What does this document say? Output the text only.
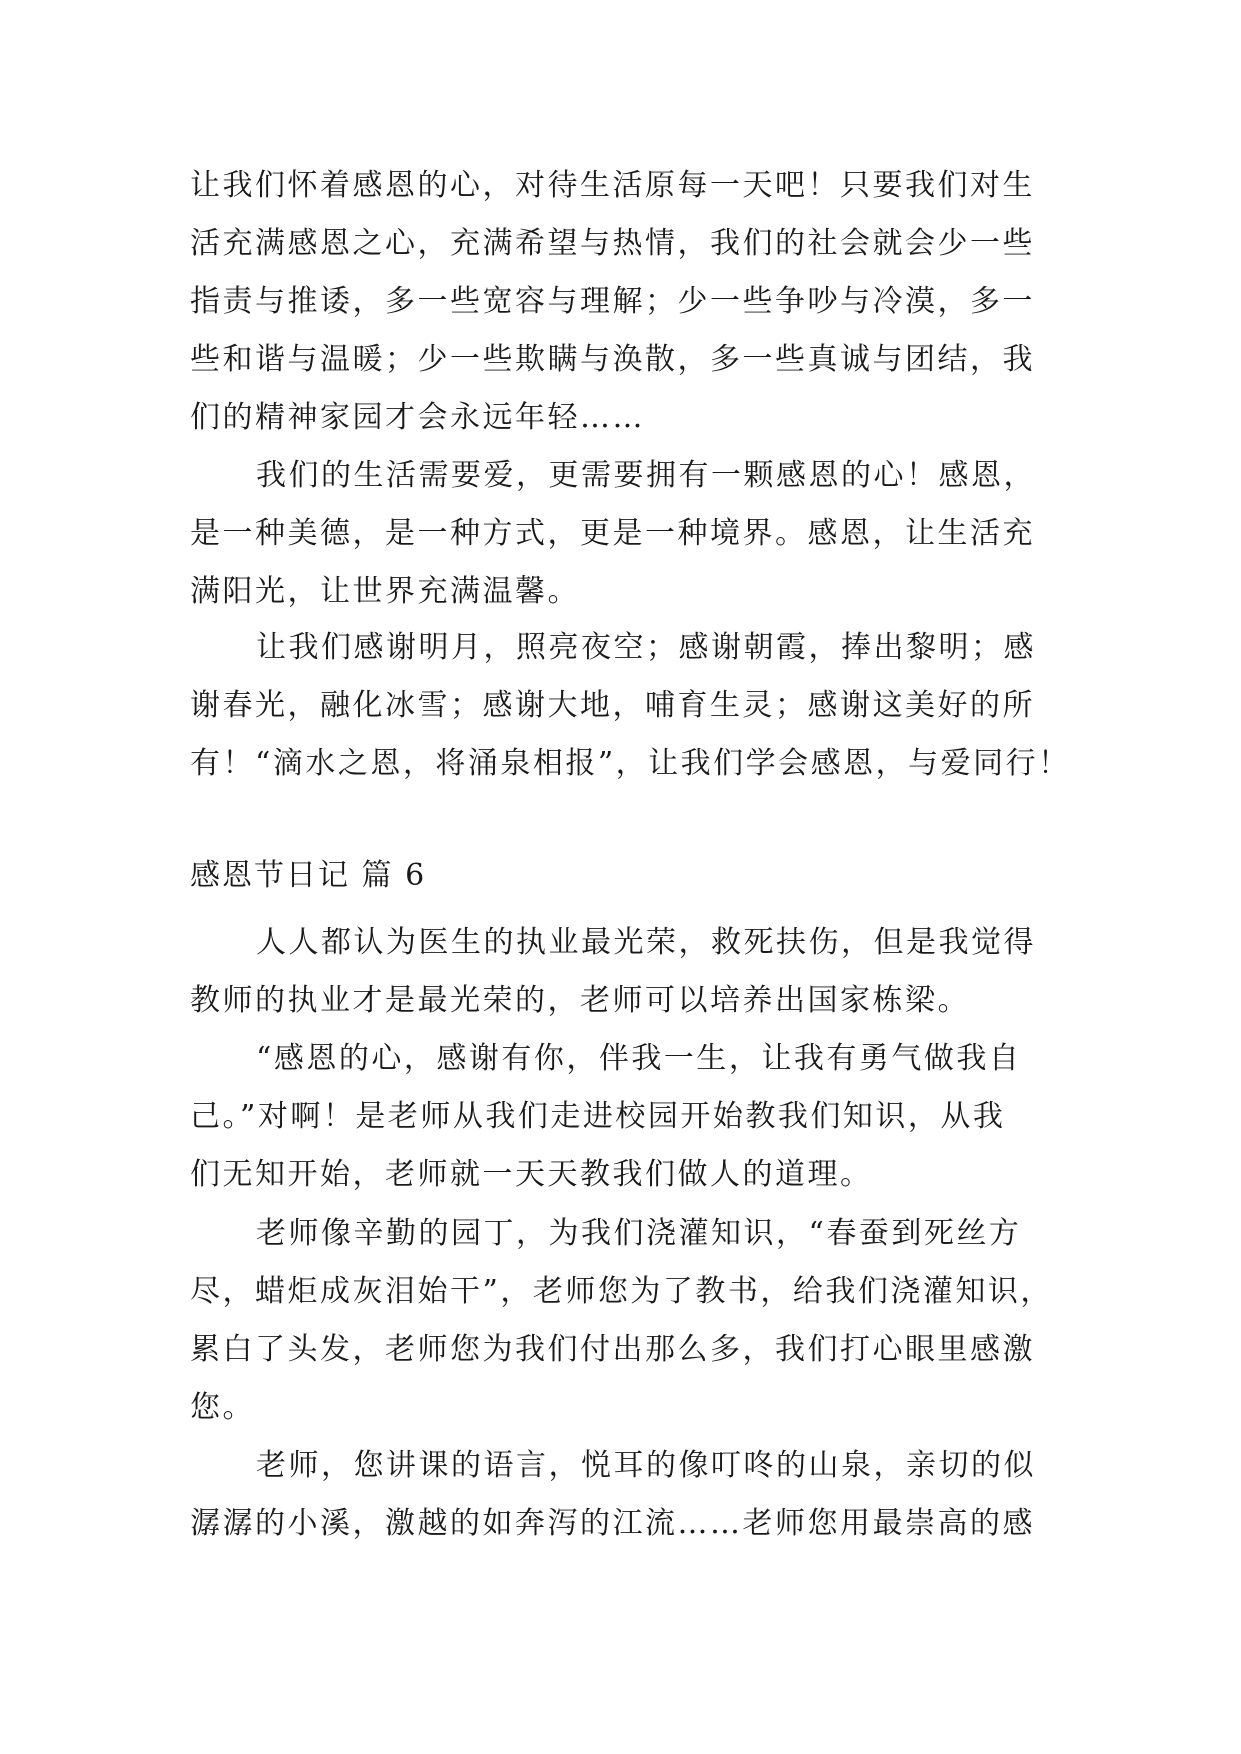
让我们怀着感恩的心，对待生活原每一天吧！只要我们对生
活充满感恩之心，充满希望与热情，我们的社会就会少一些
指责与推诿，多一些宽容与理解；少一些争吵与冷漠，多一
些和谐与温暖；少一些欺瞒与涣散，多一些真诚与团结，我
们的精神家园才会永远年轻……

我们的生活需要爱，更需要拥有一颗感恩的心！感恩，
是一种美德，是一种方式，更是一种境界。感恩，让生活充
满阳光，让世界充满温馨。

让我们感谢明月，照亮夜空；感谢朝霞，捧出黎明；感
谢春光，融化冰雪；感谢大地，哺育生灵；感谢这美好的所
有！“滴水之恩，将涌泉相报”，让我们学会感恩，与爱同行！

感恩节日记 篇 6

人人都认为医生的执业最光荣，救死扶伤，但是我觉得
教师的执业才是最光荣的，老师可以培养出国家栋梁。

“感恩的心，感谢有你，伴我一生，让我有勇气做我自
己。”对啊！是老师从我们走进校园开始教我们知识，从我
们无知开始，老师就一天天教我们做人的道理。

老师像辛勤的园丁，为我们浇灌知识，“春蚕到死丝方
尽，蜡炬成灰泪始干”，老师您为了教书，给我们浇灌知识，
累白了头发，老师您为我们付出那么多，我们打心眼里感激
您。

老师，您讲课的语言，悦耳的像叮咚的山泉，亲切的似
潺潺的小溪，激越的如奔泻的江流……老师您用最崇高的感
